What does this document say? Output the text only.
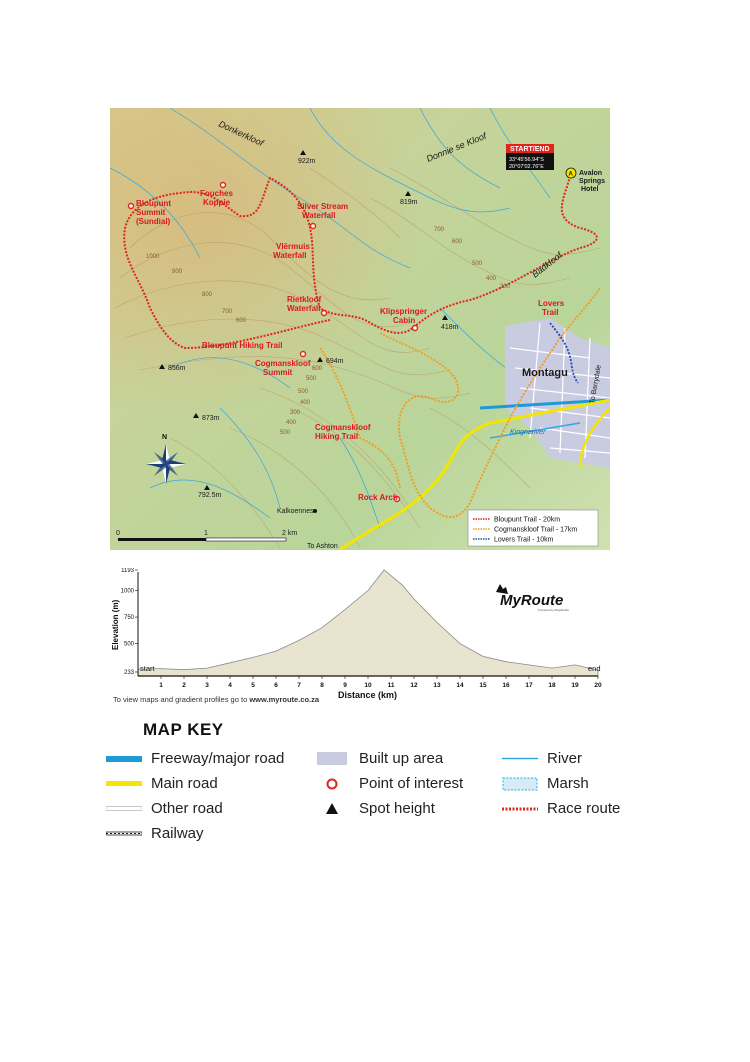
1000
900
800
700
600
700
600
500
400
300
500
600
500
400
300
400
500
Donkerkloof	Donnie se Kloof
Badkloof
Montagu
Kingnariver
To Barrydale
To Ashton
Kalkoennes
START/END
33°45'56.94"S
20°07'02.76"E
A Avalon
Springs
Hotel
Bloupunt
Summit
(Sundial)
Fouches
Koppie	Silver Stream
Waterfall
Vlërmuis
Waterfall
Rietkloof
Waterfall	Klipspringer
Cabin
Lovers
Trail
Bloupunt Hiking Trail
Cogmanskloof
Summit
Cogmanskloof
Hiking Trail
Rock Arch
922m
819m
418m
694m
856m
873m
792.5m
N
0	1	2 km
Bloupunt Trail - 20km
Cogmanskloof Trail - 17km
Lovers Trail - 10km
1193
1000
750
500
233
1	2	3	4	5	6	7	8	9	10 11 12 13 14 15 16 17 18 19 20
Elevation (m)
Distance (km)
start	end
MyRoute
Powered by MapStudio
To view maps and gradient profiles go to www.myroute.co.za
MAP KEY
Freeway/major road
Main road
Other road
Railway
Built up area
Point of interest
Spot height
River
Marsh
Race route
